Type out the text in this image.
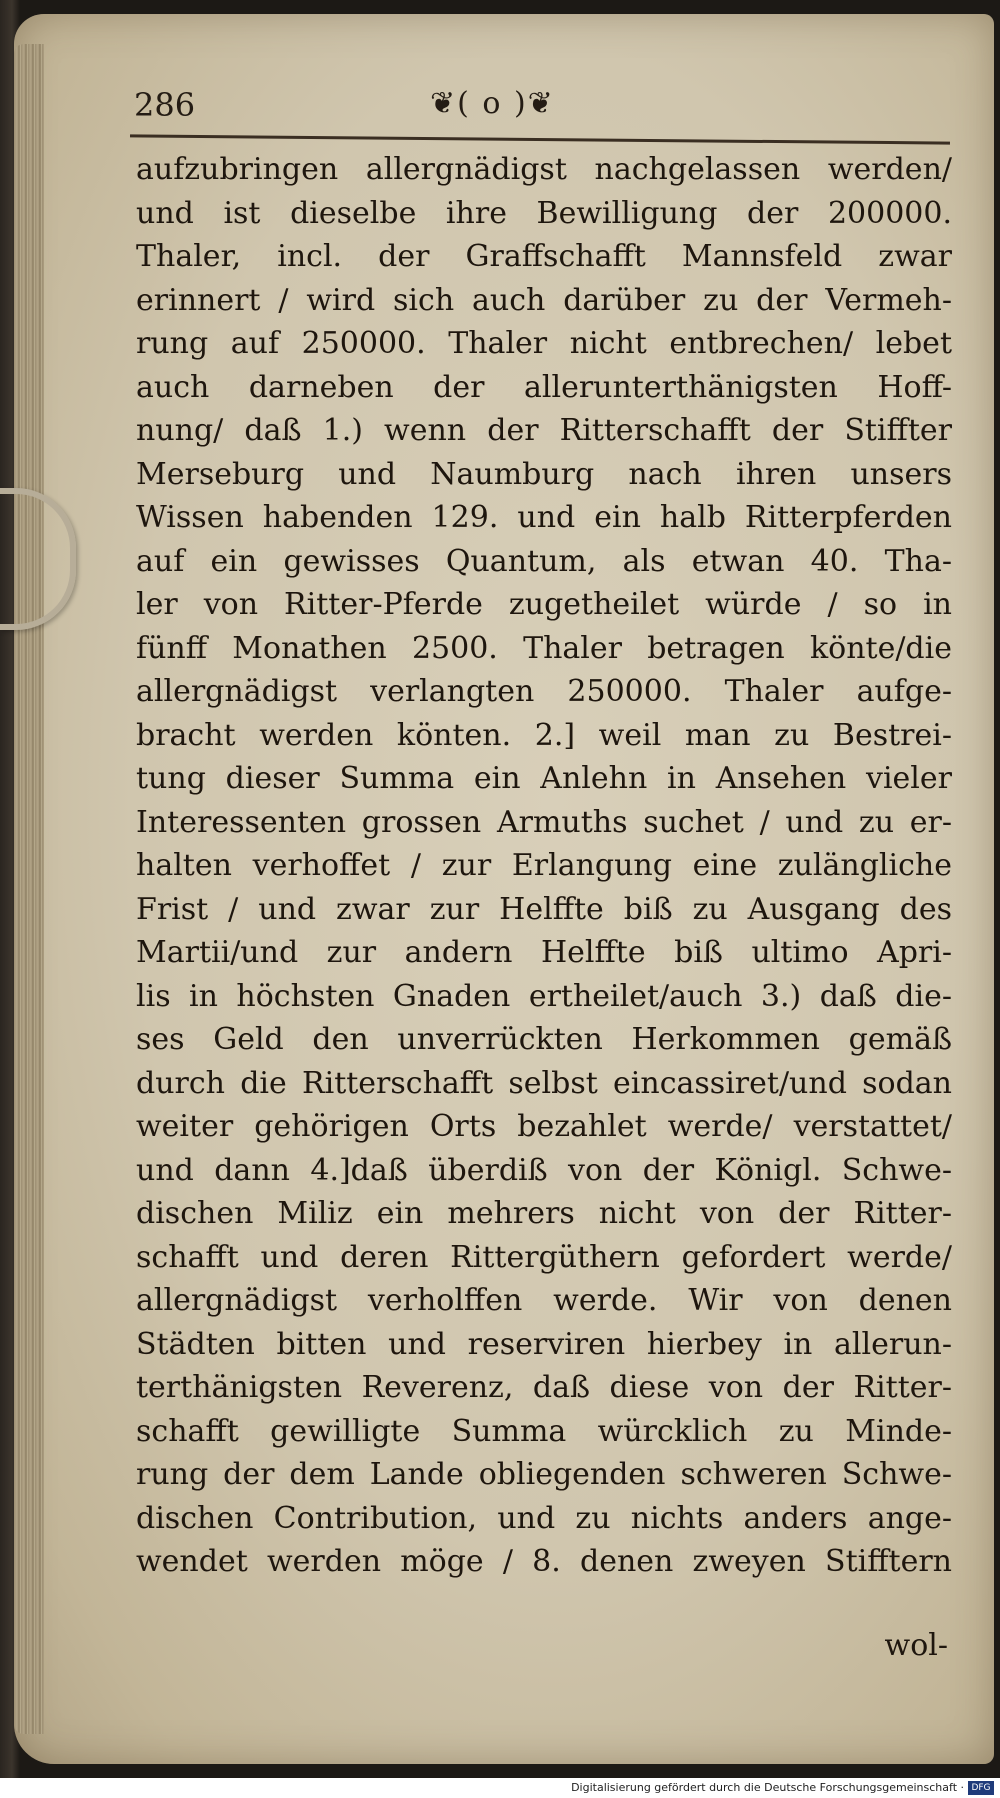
286	❦( o )❦
aufzubringen allergnädigst nachgelassen werden/
und ist dieselbe ihre Bewilligung der 200000.
Thaler, incl. der Graffschafft Mannsfeld zwar
erinnert / wird sich auch darüber zu der Vermeh-
rung auf 250000. Thaler nicht entbrechen/ lebet
auch darneben der allerunterthänigsten Hoff-
nung/ daß 1.) wenn der Ritterschafft der Stiffter
Merseburg und Naumburg nach ihren unsers
Wissen habenden 129. und ein halb Ritterpferden
auf ein gewisses Quantum, als etwan 40. Tha-
ler von Ritter-Pferde zugetheilet würde / so in
fünff Monathen 2500. Thaler betragen könte/die
allergnädigst verlangten 250000. Thaler aufge-
bracht werden könten. 2.] weil man zu Bestrei-
tung dieser Summa ein Anlehn in Ansehen vieler
Interessenten grossen Armuths suchet / und zu er-
halten verhoffet / zur Erlangung eine zulängliche
Frist / und zwar zur Helffte biß zu Ausgang des
Martii/und zur andern Helffte biß ultimo Apri-
lis in höchsten Gnaden ertheilet/auch 3.) daß die-
ses Geld den unverrückten Herkommen gemäß
durch die Ritterschafft selbst eincassiret/und sodan
weiter gehörigen Orts bezahlet werde/ verstattet/
und dann 4.]daß überdiß von der Königl. Schwe-
dischen Miliz ein mehrers nicht von der Ritter-
schafft und deren Rittergüthern gefordert werde/
allergnädigst verholffen werde. Wir von denen
Städten bitten und reserviren hierbey in allerun-
terthänigsten Reverenz, daß diese von der Ritter-
schafft gewilligte Summa würcklich zu Minde-
rung der dem Lande obliegenden schweren Schwe-
dischen Contribution, und zu nichts anders ange-
wendet werden möge / 8. denen zweyen Stifftern
wol-
Digitalisierung gefördert durch die Deutsche Forschungsgemeinschaft · DFG
